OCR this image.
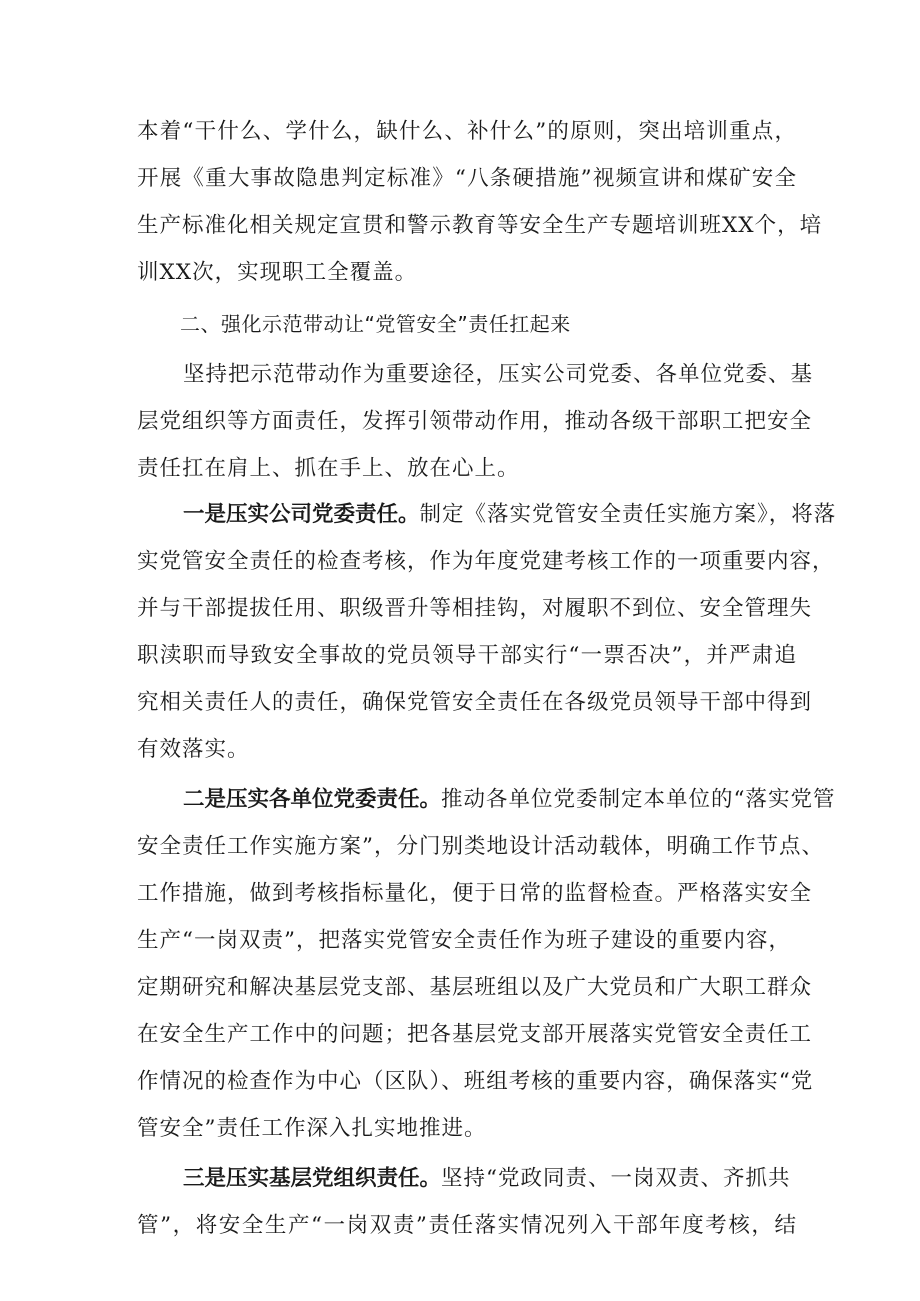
本着“干什么、学什么，缺什么、补什么”的原则，突出培训重点，
开展《重大事故隐患判定标准》“八条硬措施”视频宣讲和煤矿安全
生产标准化相关规定宣贯和警示教育等安全生产专题培训班XX个，培
训XX次，实现职工全覆盖。
二、强化示范带动让“党管安全”责任扛起来
坚持把示范带动作为重要途径，压实公司党委、各单位党委、基
层党组织等方面责任，发挥引领带动作用，推动各级干部职工把安全
责任扛在肩上、抓在手上、放在心上。
一是压实公司党委责任。 制定《落实党管安全责任实施方案》，将落
实党管安全责任的检查考核，作为年度党建考核工作的一项重要内容，
并与干部提拔任用、职级晋升等相挂钩，对履职不到位、安全管理失
职渎职而导致安全事故的党员领导干部实行“一票否决”，并严肃追
究相关责任人的责任，确保党管安全责任在各级党员领导干部中得到
有效落实。
二是压实各单位党委责任。 推动各单位党委制定本单位的“落实党管
安全责任工作实施方案”，分门别类地设计活动载体，明确工作节点、
工作措施，做到考核指标量化，便于日常的监督检查。严格落实安全
生产“一岗双责”，把落实党管安全责任作为班子建设的重要内容，
定期研究和解决基层党支部、基层班组以及广大党员和广大职工群众
在安全生产工作中的问题；把各基层党支部开展落实党管安全责任工
作情况的检查作为中心（区队）、班组考核的重要内容，确保落实“党
管安全”责任工作深入扎实地推进。
三是压实基层党组织责任。 坚持“党政同责、一岗双责、齐抓共
管”，将安全生产“一岗双责”责任落实情况列入干部年度考核，结
